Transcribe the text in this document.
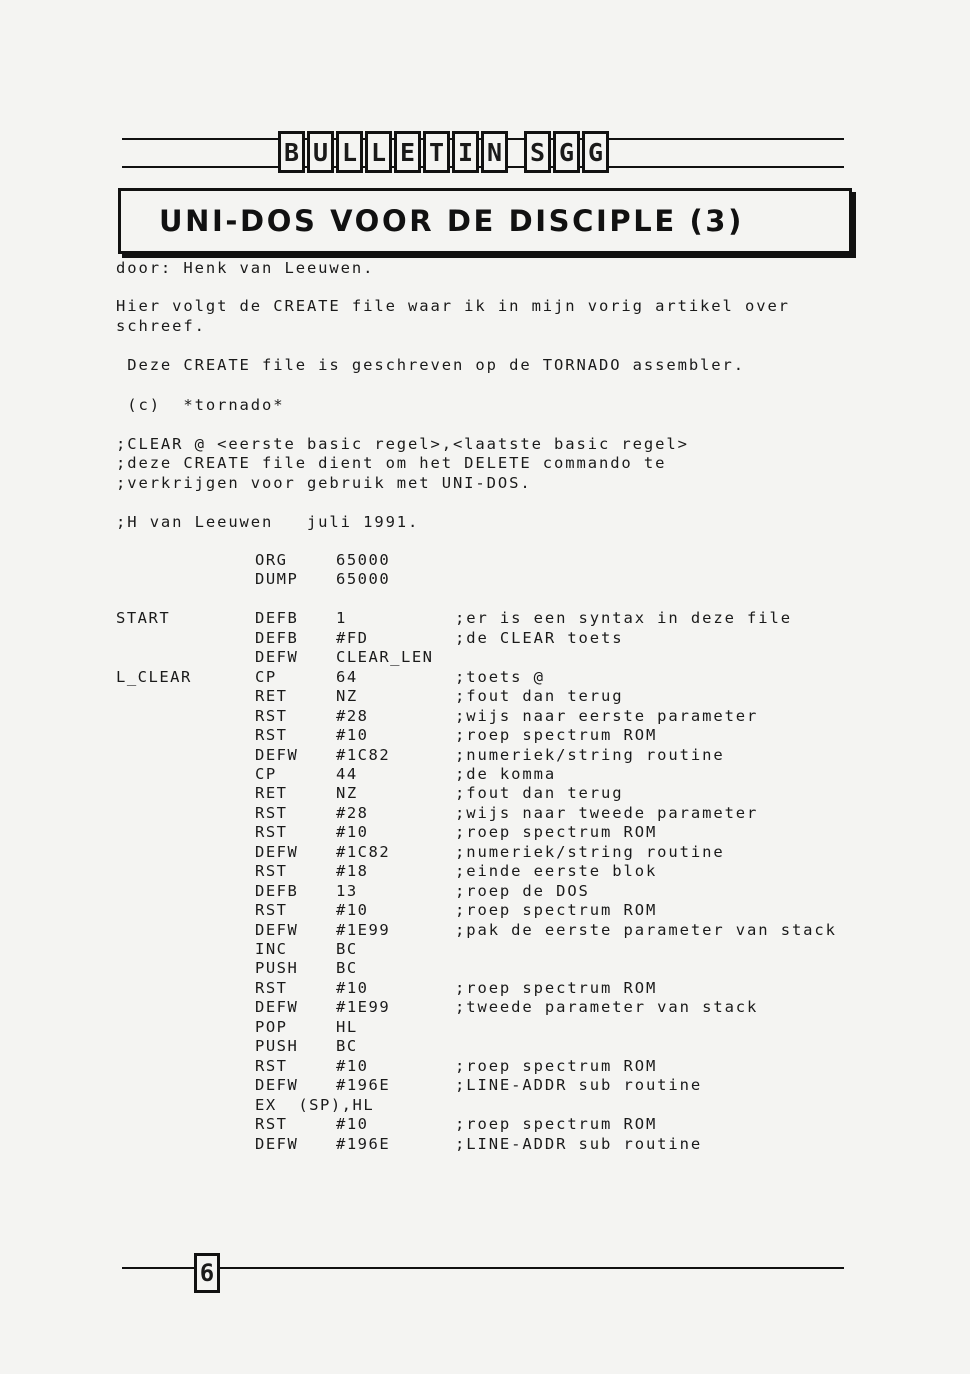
B U L L E T I N S G G
UNI-DOS VOOR DE DISCIPLE (3)
door: Henk van Leeuwen.
Hier volgt de CREATE file waar ik in mijn vorig artikel over
schreef.
Deze CREATE file is geschreven op de TORNADO assembler.
(c)  *tornado*
;CLEAR @ <eerste basic regel>,<laatste basic regel>
;deze CREATE file dient om het DELETE commando te
;verkrijgen voor gebruik met UNI-DOS.
;H van Leeuwen   juli 1991.
ORG	65000
DUMP 65000
START	DEFB 1	;er is een syntax in deze file
DEFB #FD	;de CLEAR toets
DEFW CLEAR_LEN
L_CLEAR	CP	64	;toets @
RET	NZ	;fout dan terug
RST	#28	;wijs naar eerste parameter
RST	#10	;roep spectrum ROM
DEFW #1C82	;numeriek/string routine
CP	44	;de komma
RET	NZ	;fout dan terug
RST	#28	;wijs naar tweede parameter
RST	#10	;roep spectrum ROM
DEFW #1C82	;numeriek/string routine
RST	#18	;einde eerste blok
DEFB 13	;roep de DOS
RST	#10	;roep spectrum ROM
DEFW #1E99	;pak de eerste parameter van stack
INC	BC
PUSH BC
RST	#10	;roep spectrum ROM
DEFW #1E99	;tweede parameter van stack
POP	HL
PUSH BC
RST	#10	;roep spectrum ROM
DEFW #196E	;LINE-ADDR sub routine
EX  (SP),HL
RST	#10	;roep spectrum ROM
DEFW #196E	;LINE-ADDR sub routine
6
